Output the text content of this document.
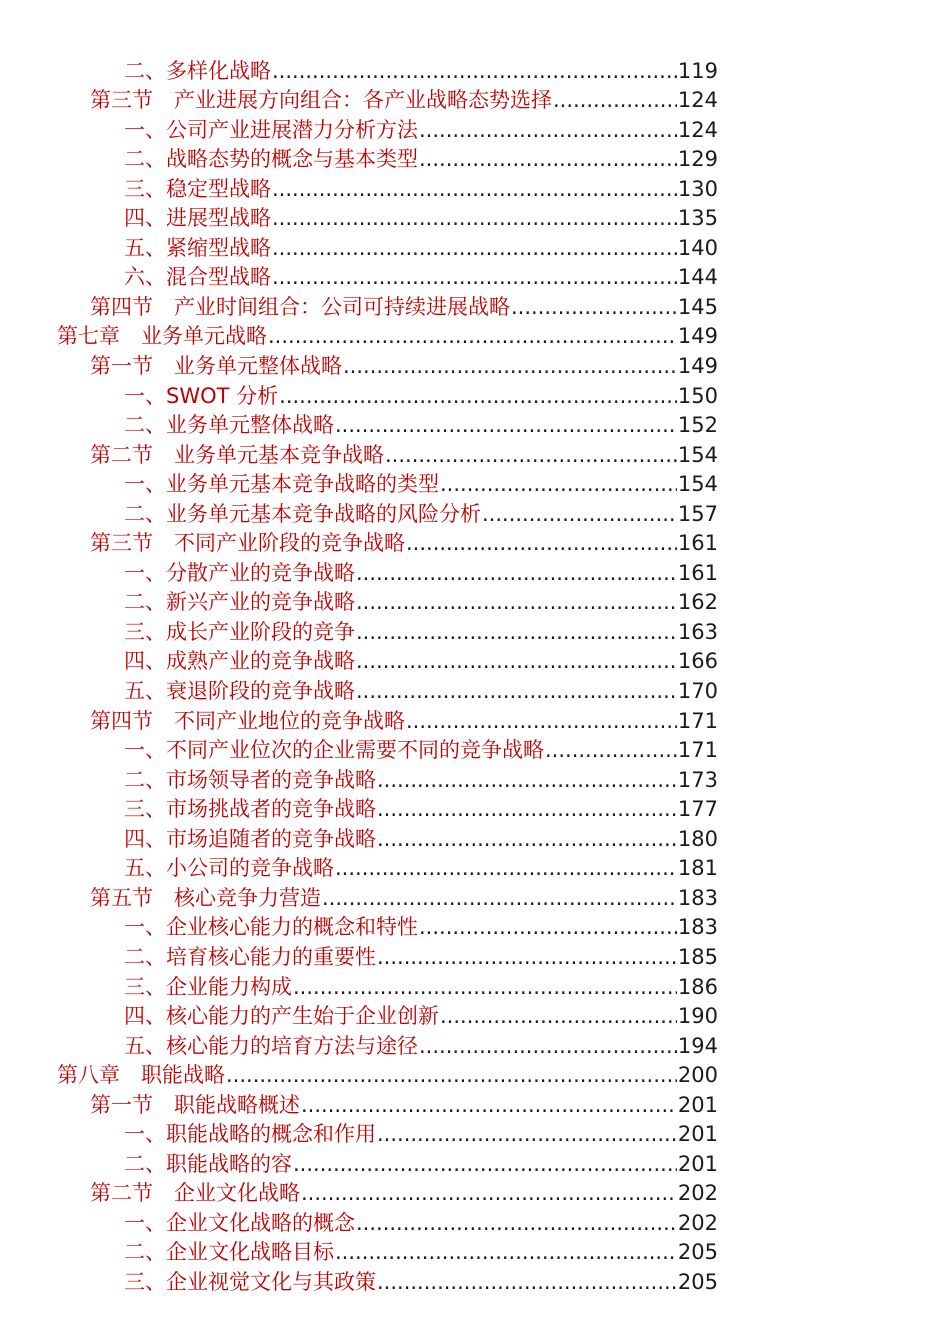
二、多样化战略 .....	119
第三节　产业进展方向组合：各产业战略态势选择 .....	124
一、公司产业进展潜力分析方法 .....	124
二、战略态势的概念与基本类型 .....	129
三、稳定型战略 .....	130
四、进展型战略 .....	135
五、紧缩型战略 .....	140
六、混合型战略 .....	144
第四节　产业时间组合：公司可持续进展战略 .....	145
第七章　业务单元战略 .....	149
第一节　业务单元整体战略 .....	149
一、SWOT 分析 .....	150
二、业务单元整体战略 .....	152
第二节　业务单元基本竞争战略 .....	154
一、业务单元基本竞争战略的类型 .....	154
二、业务单元基本竞争战略的风险分析 .....	157
第三节　不同产业阶段的竞争战略 .....	161
一、分散产业的竞争战略 .....	161
二、新兴产业的竞争战略 .....	162
三、成长产业阶段的竞争 .....	163
四、成熟产业的竞争战略 .....	166
五、衰退阶段的竞争战略 .....	170
第四节　不同产业地位的竞争战略 .....	171
一、不同产业位次的企业需要不同的竞争战略 .....	171
二、市场领导者的竞争战略 .....	173
三、市场挑战者的竞争战略 .....	177
四、市场追随者的竞争战略 .....	180
五、小公司的竞争战略 .....	181
第五节　核心竞争力营造 .....	183
一、企业核心能力的概念和特性 .....	183
二、培育核心能力的重要性 .....	185
三、企业能力构成 .....	186
四、核心能力的产生始于企业创新 .....	190
五、核心能力的培育方法与途径 .....	194
第八章　职能战略 .....	200
第一节　职能战略概述 .....	201
一、职能战略的概念和作用 .....	201
二、职能战略的容 .....	201
第二节　企业文化战略 .....	202
一、企业文化战略的概念 .....	202
二、企业文化战略目标 .....	205
三、企业视觉文化与其政策 .....	205
